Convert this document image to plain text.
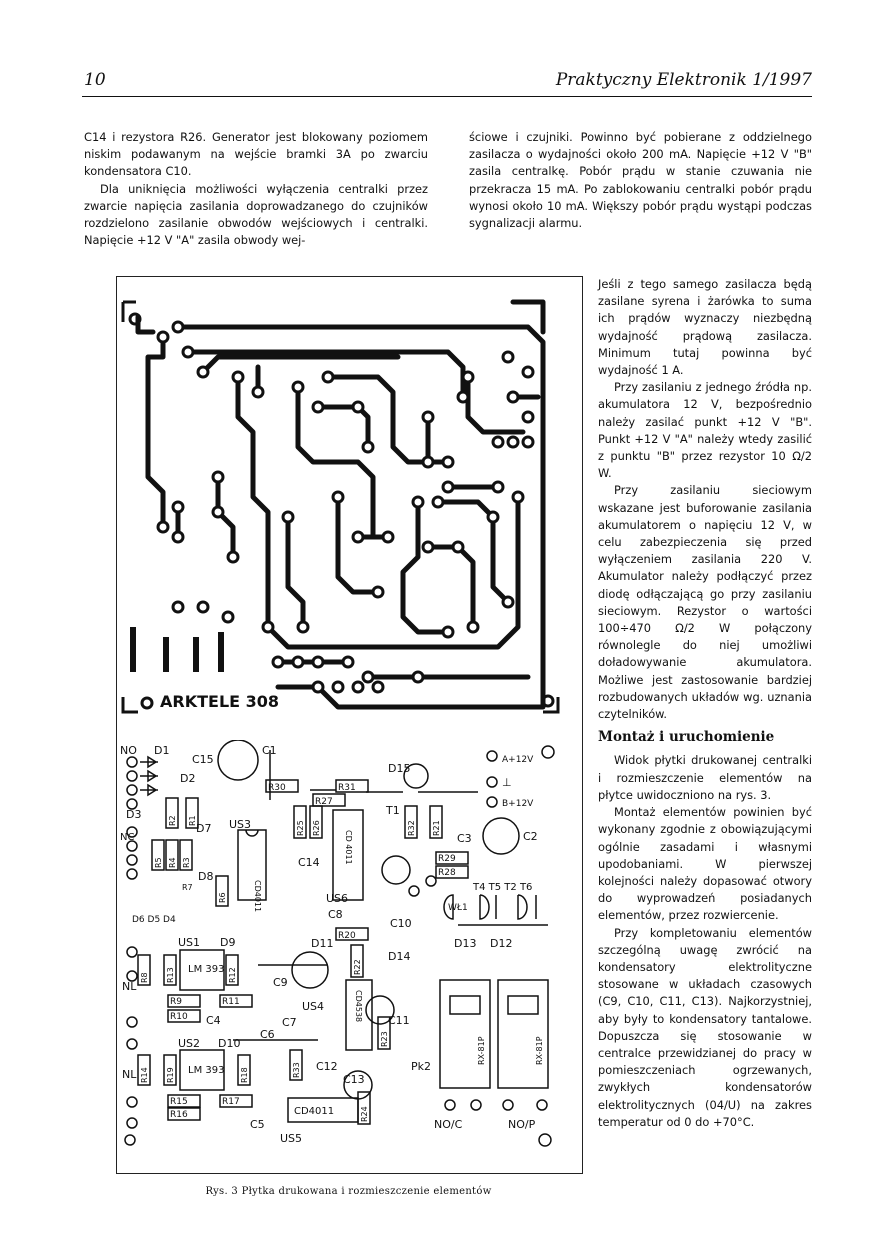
10	Praktyczny Elektronik 1/1997

C14 i rezystora R26. Generator jest blokowany poziomem niskim podawanym na wejście bramki 3A po zwarciu kondensatora C10.

Dla uniknięcia możliwości wyłączenia centralki przez zwarcie napięcia zasilania doprowadzanego do czujników rozdzielono zasilanie obwodów wejściowych i centralki. Napięcie +12 V "A" zasila obwody wej-

ściowe i czujniki. Powinno być pobierane z oddzielnego zasilacza o wydajności około 200 mA. Napięcie +12 V "B" zasila centralkę. Pobór prądu w stanie czuwania nie przekracza 15 mA. Po zablokowaniu centralki pobór prądu wynosi około 10 mA. Większy pobór prądu wystąpi podczas sygnalizacji alarmu.

ARKTELE 308
NO D1
C15
C1
D2
D15
A+12V
⊥
B+12V
R30	R31
R27
D3
D7 US3
NC
T1
C3	C2
C14	R29
R28
D8
T4 T5 T2 T6
US6
WŁ1
C8
C10
D6 D5 D4
US1 D9	D11
R20
D13 D12
D14
LM 393
NL	C9
R9	R11
R10 C4
US4
C7	C11
US2 D10
C6
C12	Pk2
LM 393
NL	C13
R15	R17
R16	CD4011
C5
US5
NO/C	NO/P
R2 R1
R5 R4 R3
R6
R7
R25 R26	R32 R21
CD4011
CD 4011
R8 R13	R12
R22
CD4538
R23
R14 R19	R18	R33
R24
RX-81P	RX-81P
Rys. 3 Płytka drukowana i rozmieszczenie elementów

Jeśli z tego samego zasilacza będą zasilane syrena i żarówka to suma ich prądów wyznaczy niezbędną wydajność prądową zasilacza. Minimum tutaj powinna być wydajność 1 A.

Przy zasilaniu z jednego źródła np. akumulatora 12 V, bezpośrednio należy zasilać punkt +12 V "B". Punkt +12 V "A" należy wtedy zasilić z punktu "B" przez rezystor 10 Ω/2 W.

Przy zasilaniu sieciowym wskazane jest buforowanie zasilania akumulatorem o napięciu 12 V, w celu zabezpieczenia się przed wyłączeniem zasilania 220 V. Akumulator należy podłączyć przez diodę odłączającą go przy zasilaniu sieciowym. Rezystor o wartości 100÷470 Ω/2 W połączony równolegle do niej umożliwi doładowywanie akumulatora. Możliwe jest zastosowanie bardziej rozbudowanych układów wg. uznania czytelników.

Montaż i uruchomienie

Widok płytki drukowanej centralki i rozmieszczenie elementów na płytce uwidoczniono na rys. 3.

Montaż elementów powinien być wykonany zgodnie z obowiązującymi ogólnie zasadami i własnymi upodobaniami. W pierwszej kolejności należy dopasować otwory do wyprowadzeń posiadanych elementów, przez rozwiercenie.

Przy kompletowaniu elementów szczególną uwagę zwrócić na kondensatory elektrolityczne stosowane w układach czasowych (C9, C10, C11, C13). Najkorzystniej, aby były to kondensatory tantalowe. Dopuszcza się stosowanie w centralce przewidzianej do pracy w pomieszczeniach ogrzewanych, zwykłych kondensatorów elektrolitycznych (04/U) na zakres temperatur od 0 do +70°C.
